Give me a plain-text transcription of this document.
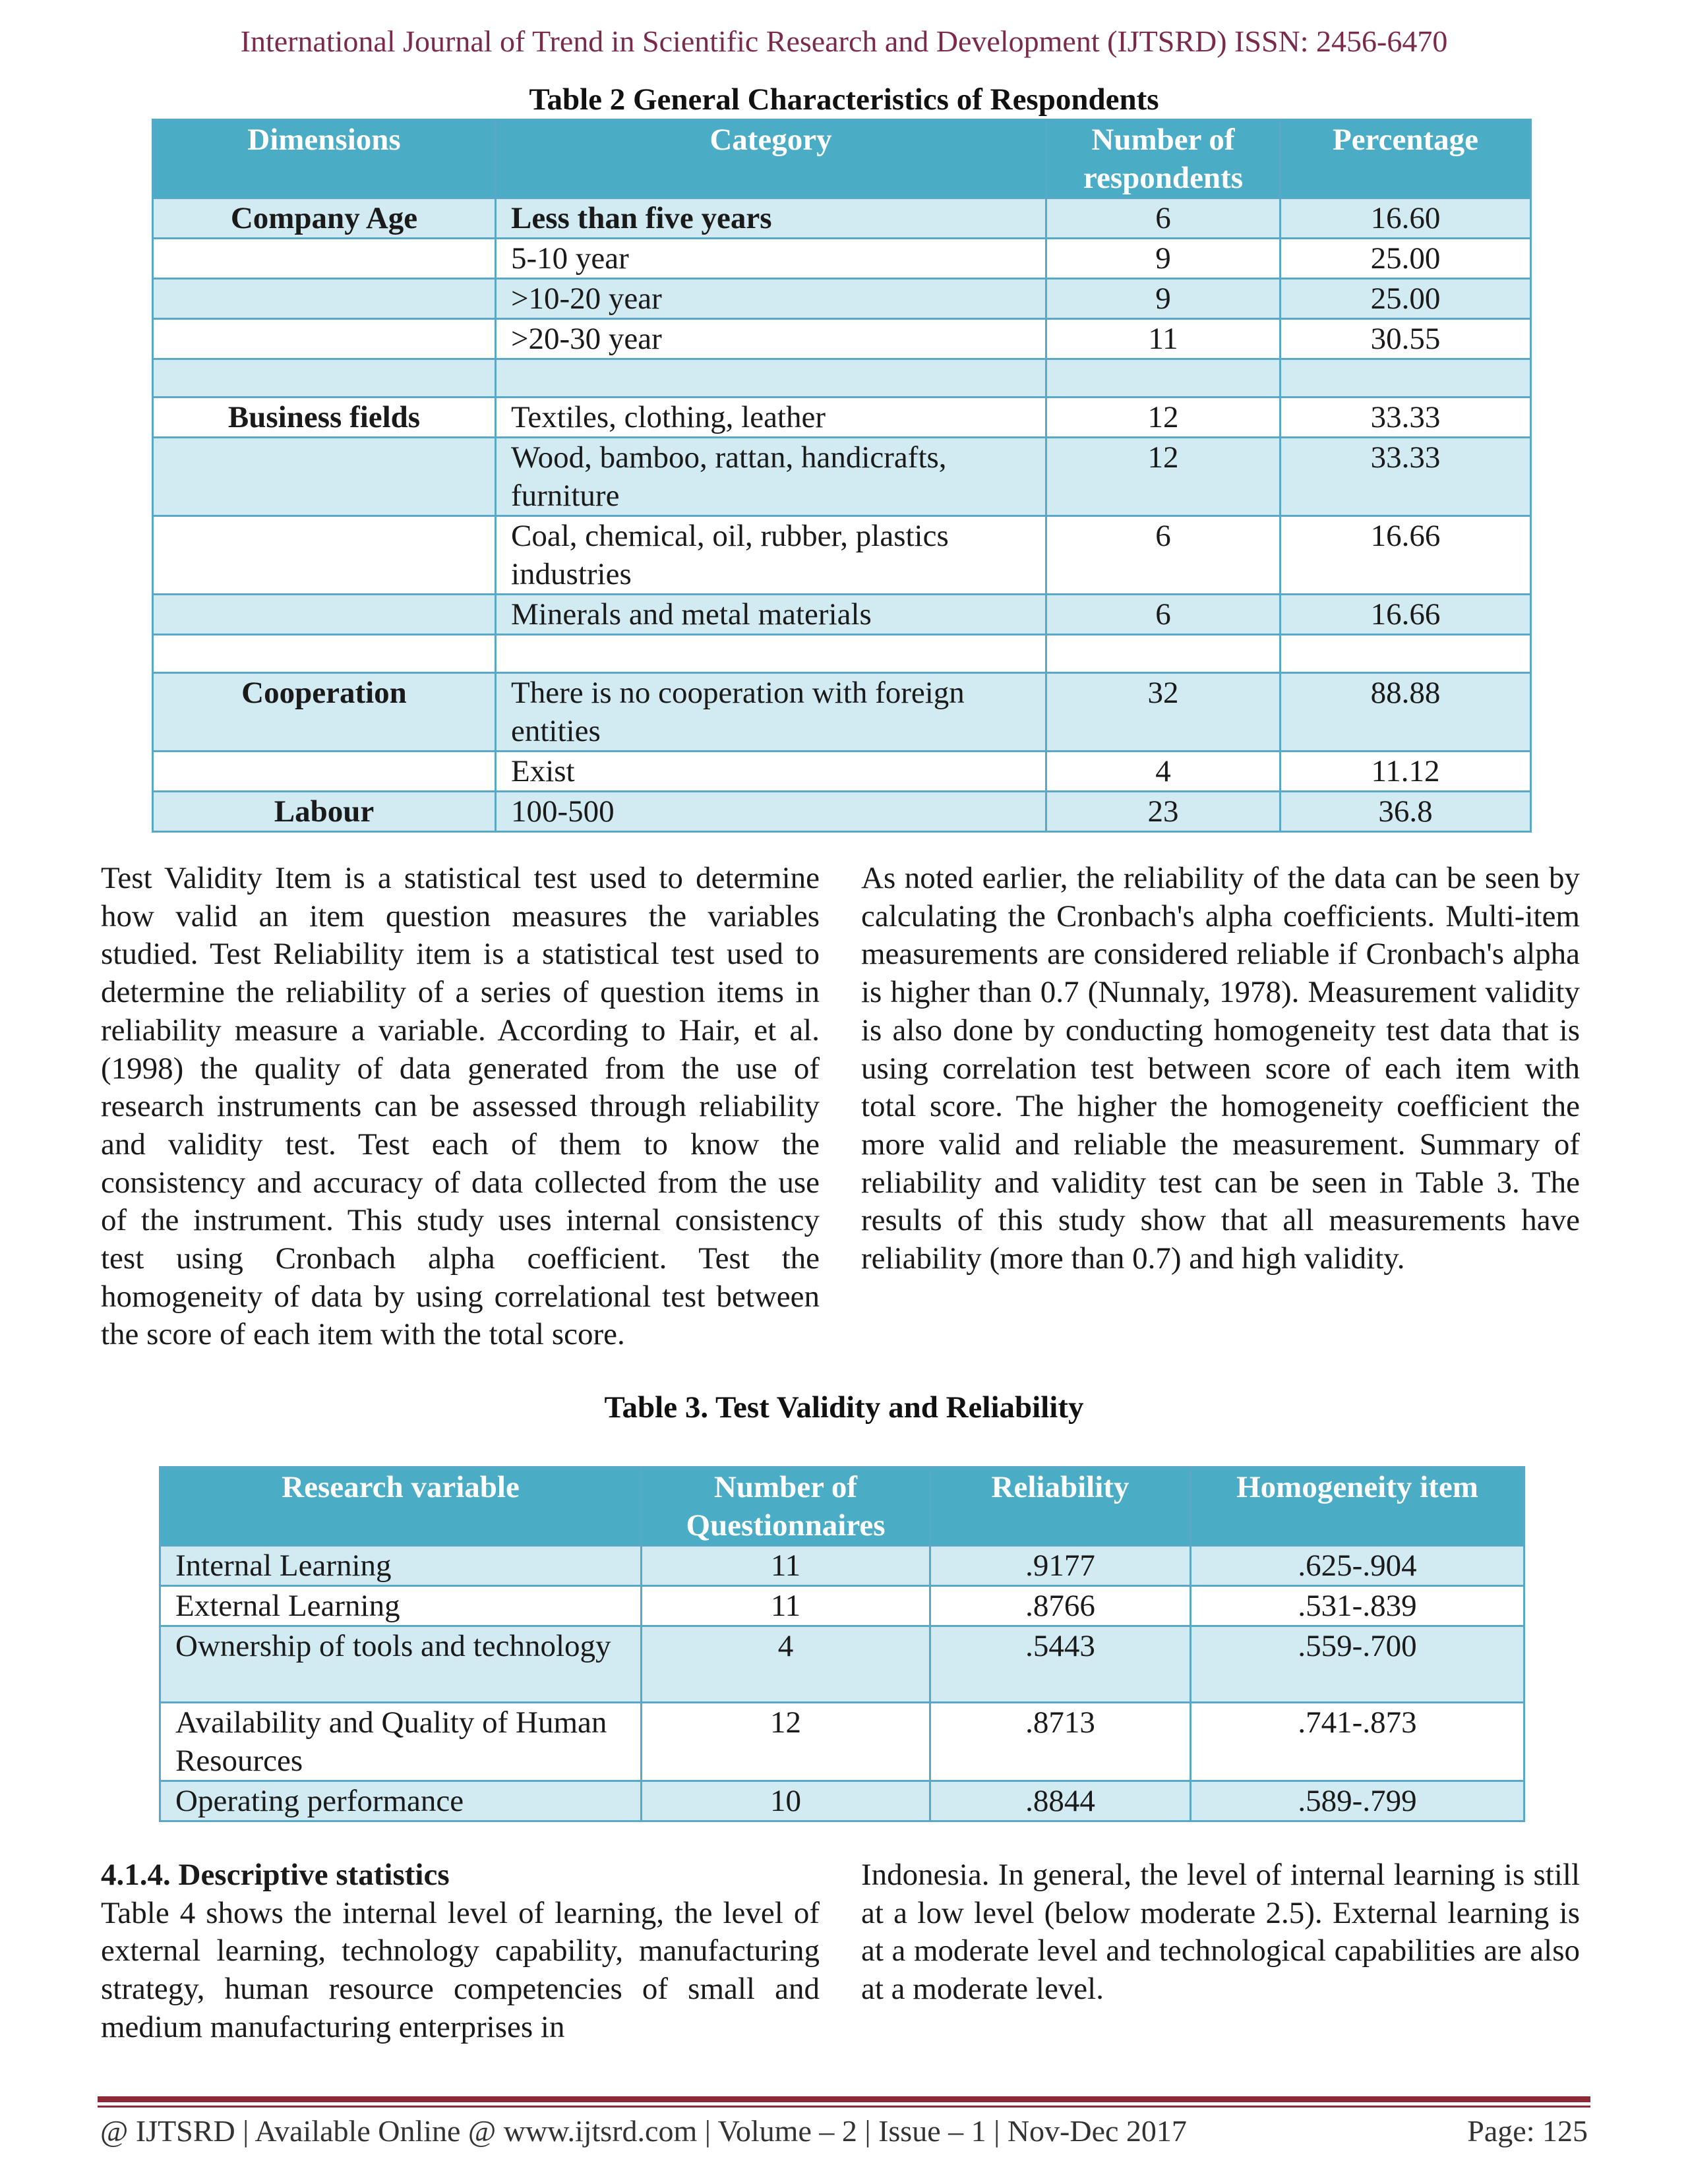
International Journal of Trend in Scientific Research and Development (IJTSRD) ISSN: 2456-6470
Table 2 General Characteristics of Respondents
Dimensions	Category	Number of respondents	Percentage
Company Age	Less than five years	6	16.60
	5-10 year	9	25.00
	>10-20 year	9	25.00
	>20-30 year	11	30.55

Business fields	Textiles, clothing, leather	12	33.33
	Wood, bamboo, rattan, handicrafts, furniture	12	33.33
	Coal, chemical, oil, rubber, plastics industries	6	16.66
	Minerals and metal materials	6	16.66

Cooperation	There is no cooperation with foreign entities	32	88.88
	Exist	4	11.12
Labour	100-500	23	36.8

Test Validity Item is a statistical test used to determine how valid an item question measures the variables studied. Test Reliability item is a statistical test used to determine the reliability of a series of question items in reliability measure a variable. According to Hair, et al. (1998) the quality of data generated from the use of research instruments can be assessed through reliability and validity test. Test each of them to know the consistency and accuracy of data collected from the use of the instrument. This study uses internal consistency test using Cronbach alpha coefficient. Test the homogeneity of data by using correlational test between the score of each item with the total score.

As noted earlier, the reliability of the data can be seen by calculating the Cronbach's alpha coefficients. Multi-item measurements are considered reliable if Cronbach's alpha is higher than 0.7 (Nunnaly, 1978). Measurement validity is also done by conducting homogeneity test data that is using correlation test between score of each item with total score. The higher the homogeneity coefficient the more valid and reliable the measurement. Summary of reliability and validity test can be seen in Table 3. The results of this study show that all measurements have reliability (more than 0.7) and high validity.

Table 3. Test Validity and Reliability
Research variable	Number of Questionnaires	Reliability	Homogeneity item
Internal Learning	11	.9177	.625-.904
External Learning	11	.8766	.531-.839
Ownership of tools and technology	4	.5443	.559-.700
Availability and Quality of Human Resources	12	.8713	.741-.873
Operating performance	10	.8844	.589-.799

4.1.4. Descriptive statistics

Table 4 shows the internal level of learning, the level of external learning, technology capability, manufacturing strategy, human resource competencies of small and medium manufacturing enterprises in

Indonesia. In general, the level of internal learning is still at a low level (below moderate 2.5). External learning is at a moderate level and technological capabilities are also at a moderate level.

@ IJTSRD | Available Online @ www.ijtsrd.com | Volume – 2 | Issue – 1 | Nov-Dec 2017	Page: 125
